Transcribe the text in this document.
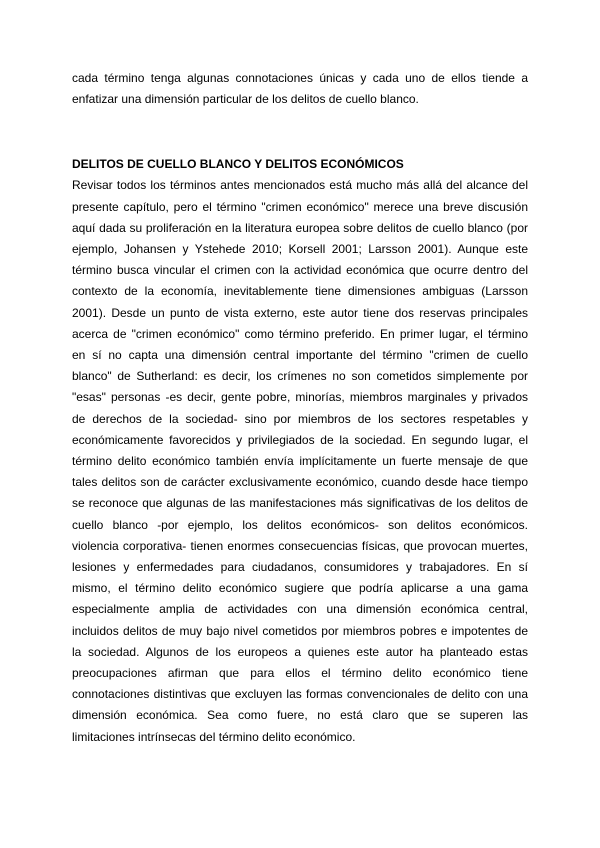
cada término tenga algunas connotaciones únicas y cada uno de ellos tiende a
enfatizar una dimensión particular de los delitos de cuello blanco.

DELITOS DE CUELLO BLANCO Y DELITOS ECONÓMICOS

Revisar todos los términos antes mencionados está mucho más allá del alcance del
presente capítulo, pero el término "crimen económico" merece una breve discusión
aquí dada su proliferación en la literatura europea sobre delitos de cuello blanco (por
ejemplo, Johansen y Ystehede 2010; Korsell 2001; Larsson 2001). Aunque este
término busca vincular el crimen con la actividad económica que ocurre dentro del
contexto de la economía, inevitablemente tiene dimensiones ambiguas (Larsson
2001). Desde un punto de vista externo, este autor tiene dos reservas principales
acerca de "crimen económico" como término preferido. En primer lugar, el término
en sí no capta una dimensión central importante del término "crimen de cuello
blanco" de Sutherland: es decir, los crímenes no son cometidos simplemente por
"esas" personas -es decir, gente pobre, minorías, miembros marginales y privados
de derechos de la sociedad- sino por miembros de los sectores respetables y
económicamente favorecidos y privilegiados de la sociedad. En segundo lugar, el
término delito económico también envía implícitamente un fuerte mensaje de que
tales delitos son de carácter exclusivamente económico, cuando desde hace tiempo
se reconoce que algunas de las manifestaciones más significativas de los delitos de
cuello blanco -por ejemplo, los delitos económicos- son delitos económicos.
violencia corporativa- tienen enormes consecuencias físicas, que provocan muertes,
lesiones y enfermedades para ciudadanos, consumidores y trabajadores. En sí
mismo, el término delito económico sugiere que podría aplicarse a una gama
especialmente amplia de actividades con una dimensión económica central,
incluidos delitos de muy bajo nivel cometidos por miembros pobres e impotentes de
la sociedad. Algunos de los europeos a quienes este autor ha planteado estas
preocupaciones afirman que para ellos el término delito económico tiene
connotaciones distintivas que excluyen las formas convencionales de delito con una
dimensión económica. Sea como fuere, no está claro que se superen las
limitaciones intrínsecas del término delito económico.
